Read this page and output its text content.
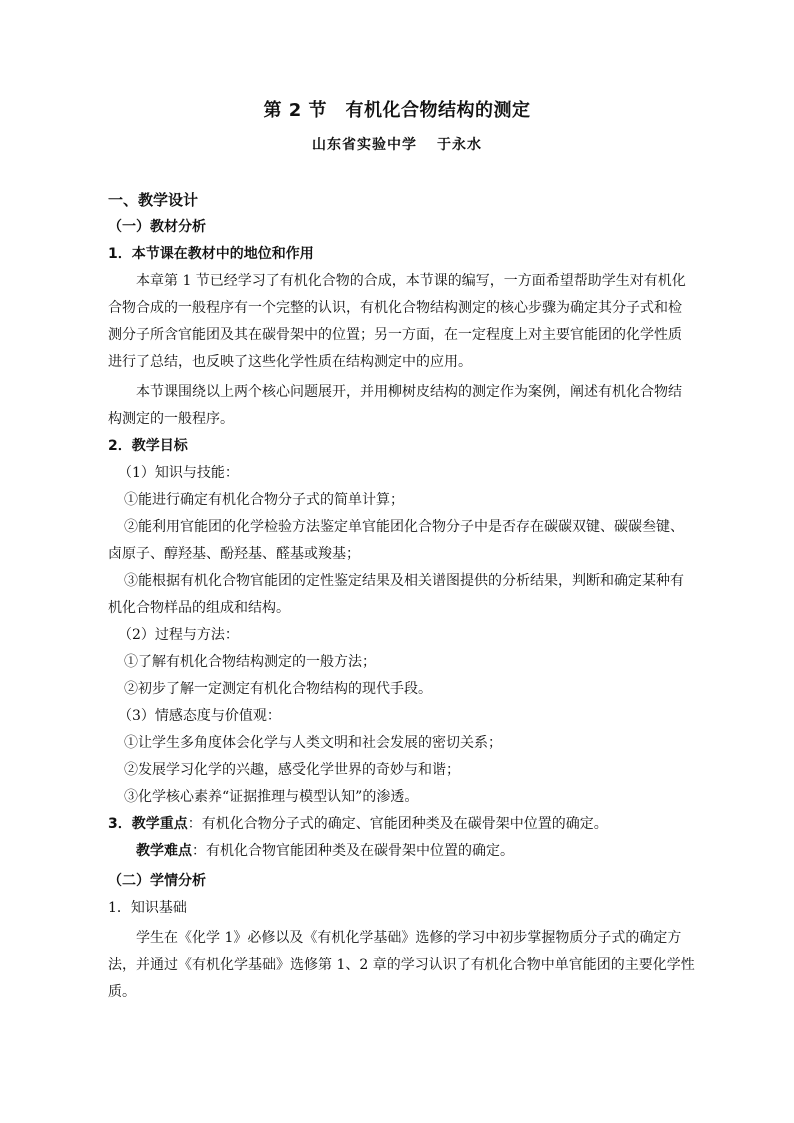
第 2 节　有机化合物结构的测定
山东省实验中学 于永水
一、教学设计
（一）教材分析
1．本节课在教材中的地位和作用
本章第 1 节已经学习了有机化合物的合成，本节课的编写，一方面希望帮助学生对有机化
合物合成的一般程序有一个完整的认识，有机化合物结构测定的核心步骤为确定其分子式和检
测分子所含官能团及其在碳骨架中的位置；另一方面，在一定程度上对主要官能团的化学性质
进行了总结，也反映了这些化学性质在结构测定中的应用。
本节课围绕以上两个核心问题展开，并用柳树皮结构的测定作为案例，阐述有机化合物结
构测定的一般程序。
2．教学目标
（1）知识与技能：
①能进行确定有机化合物分子式的简单计算；
②能利用官能团的化学检验方法鉴定单官能团化合物分子中是否存在碳碳双键、碳碳叁键、
卤原子、醇羟基、酚羟基、醛基或羧基；
③能根据有机化合物官能团的定性鉴定结果及相关谱图提供的分析结果，判断和确定某种有
机化合物样品的组成和结构。
（2）过程与方法：
①了解有机化合物结构测定的一般方法；
②初步了解一定测定有机化合物结构的现代手段。
（3）情感态度与价值观：
①让学生多角度体会化学与人类文明和社会发展的密切关系；
②发展学习化学的兴趣，感受化学世界的奇妙与和谐；
③化学核心素养“证据推理与模型认知”的渗透。
3．教学重点：有机化合物分子式的确定、官能团种类及在碳骨架中位置的确定。
教学难点：有机化合物官能团种类及在碳骨架中位置的确定。
（二）学情分析
1．知识基础
学生在《化学 1》必修以及《有机化学基础》选修的学习中初步掌握物质分子式的确定方
法，并通过《有机化学基础》选修第 1、2 章的学习认识了有机化合物中单官能团的主要化学性
质。
